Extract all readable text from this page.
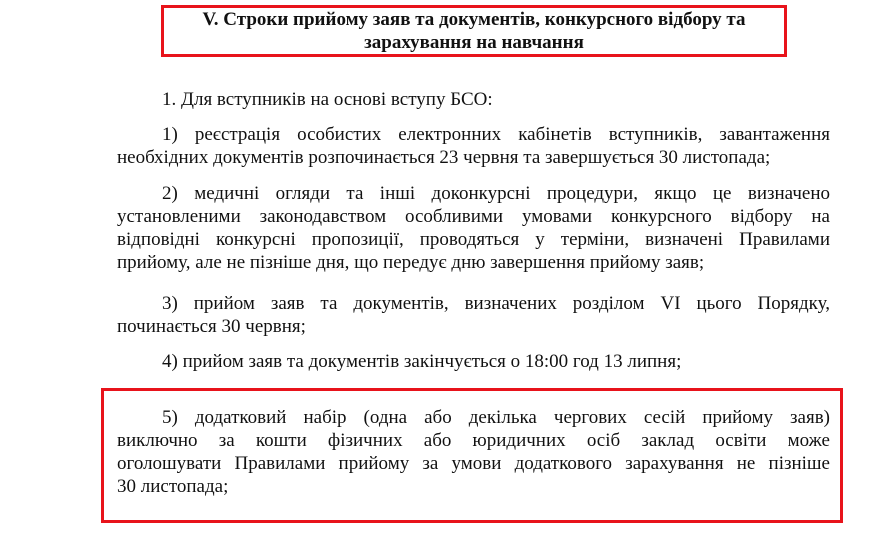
V. Строки прийому заяв та документів, конкурсного відбору та
зарахування на навчання
1. Для вступників на основі вступу БСО:
1) реєстрація особистих електронних кабінетів вступників, завантаження
необхідних документів розпочинається 23 червня та завершується 30 листопада;
2) медичні огляди та інші доконкурсні процедури, якщо це визначено
установленими законодавством особливими умовами конкурсного відбору на
відповідні конкурсні пропозиції, проводяться у терміни, визначені Правилами
прийому, але не пізніше дня, що передує дню завершення прийому заяв;
3) прийом заяв та документів, визначених розділом VI цього Порядку,
починається 30 червня;
4) прийом заяв та документів закінчується о 18:00 год 13 липня;
5) додатковий набір (одна або декілька чергових сесій прийому заяв)
виключно за кошти фізичних або юридичних осіб заклад освіти може
оголошувати Правилами прийому за умови додаткового зарахування не пізніше
30 листопада;
